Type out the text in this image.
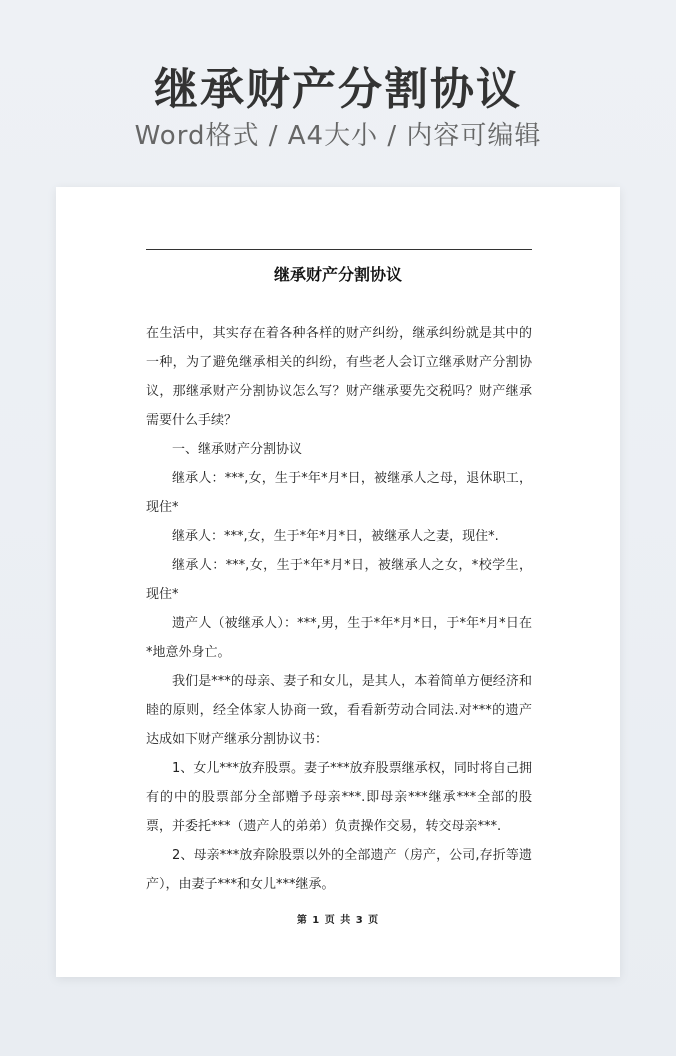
继承财产分割协议
Word格式 / A4大小 / 内容可编辑
继承财产分割协议

在生活中，其实存在着各种各样的财产纠纷，继承纠纷就是其中的一种，为了避免继承相关的纠纷，有些老人会订立继承财产分割协议，那继承财产分割协议怎么写？财产继承要先交税吗？财产继承需要什么手续？

一、继承财产分割协议

继承人：***,女，生于*年*月*日，被继承人之母，退休职工，现住*

继承人：***,女，生于*年*月*日，被继承人之妻，现住*.

继承人：***,女，生于*年*月*日，被继承人之女，*校学生，现住*

遗产人（被继承人）：***,男，生于*年*月*日，于*年*月*日在*地意外身亡。

我们是***的母亲、妻子和女儿，是其人，本着简单方便经济和睦的原则，经全体家人协商一致，看看新劳动合同法.对***的遗产达成如下财产继承分割协议书：

1、女儿***放弃股票。妻子***放弃股票继承权，同时将自己拥有的中的股票部分全部赠予母亲***.即母亲***继承***全部的股票，并委托***（遗产人的弟弟）负责操作交易，转交母亲***.

2、母亲***放弃除股票以外的全部遗产（房产，公司,存折等遗产），由妻子***和女儿***继承。

第 1 页 共 3 页
